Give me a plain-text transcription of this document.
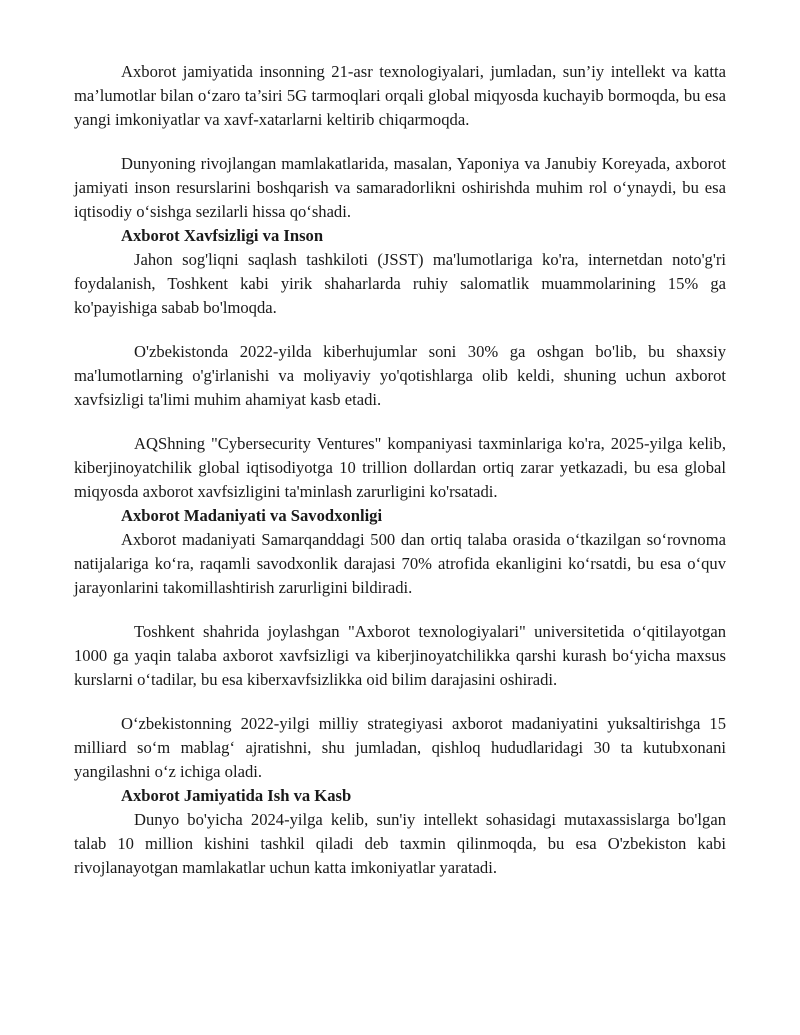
Axborot jamiyatida insonning 21-asr texnologiyalari, jumladan, sun’iy intellekt va katta ma’lumotlar bilan o‘zaro ta’siri 5G tarmoqlari orqali global miqyosda kuchayib bormoqda, bu esa yangi imkoniyatlar va xavf-xatarlarni keltirib chiqarmoqda.

Dunyoning rivojlangan mamlakatlarida, masalan, Yaponiya va Janubiy Koreyada, axborot jamiyati inson resurslarini boshqarish va samaradorlikni oshirishda muhim rol o‘ynaydi, bu esa iqtisodiy o‘sishga sezilarli hissa qo‘shadi.

Axborot Xavfsizligi va Inson

Jahon sog'liqni saqlash tashkiloti (JSST) ma'lumotlariga ko'ra, internetdan noto'g'ri foydalanish, Toshkent kabi yirik shaharlarda ruhiy salomatlik muammolarining 15% ga ko'payishiga sabab bo'lmoqda.

O'zbekistonda 2022-yilda kiberhujumlar soni 30% ga oshgan bo'lib, bu shaxsiy ma'lumotlarning o'g'irlanishi va moliyaviy yo'qotishlarga olib keldi, shuning uchun axborot xavfsizligi ta'limi muhim ahamiyat kasb etadi.

AQShning "Cybersecurity Ventures" kompaniyasi taxminlariga ko'ra, 2025-yilga kelib, kiberjinoyatchilik global iqtisodiyotga 10 trillion dollardan ortiq zarar yetkazadi, bu esa global miqyosda axborot xavfsizligini ta'minlash zarurligini ko'rsatadi.

Axborot Madaniyati va Savodxonligi

Axborot madaniyati Samarqanddagi 500 dan ortiq talaba orasida o‘tkazilgan so‘rovnoma natijalariga ko‘ra, raqamli savodxonlik darajasi 70% atrofida ekanligini ko‘rsatdi, bu esa o‘quv jarayonlarini takomillashtirish zarurligini bildiradi.

Toshkent shahrida joylashgan "Axborot texnologiyalari" universitetida o‘qitilayotgan 1000 ga yaqin talaba axborot xavfsizligi va kiberjinoyatchilikka qarshi kurash bo‘yicha maxsus kurslarni o‘tadilar, bu esa kiberxavfsizlikka oid bilim darajasini oshiradi.

O‘zbekistonning 2022-yilgi milliy strategiyasi axborot madaniyatini yuksaltirishga 15 milliard so‘m mablag‘ ajratishni, shu jumladan, qishloq hududlaridagi 30 ta kutubxonani yangilashni o‘z ichiga oladi.

Axborot Jamiyatida Ish va Kasb

Dunyo bo'yicha 2024-yilga kelib, sun'iy intellekt sohasidagi mutaxassislarga bo'lgan talab 10 million kishini tashkil qiladi deb taxmin qilinmoqda, bu esa O'zbekiston kabi rivojlanayotgan mamlakatlar uchun katta imkoniyatlar yaratadi.
